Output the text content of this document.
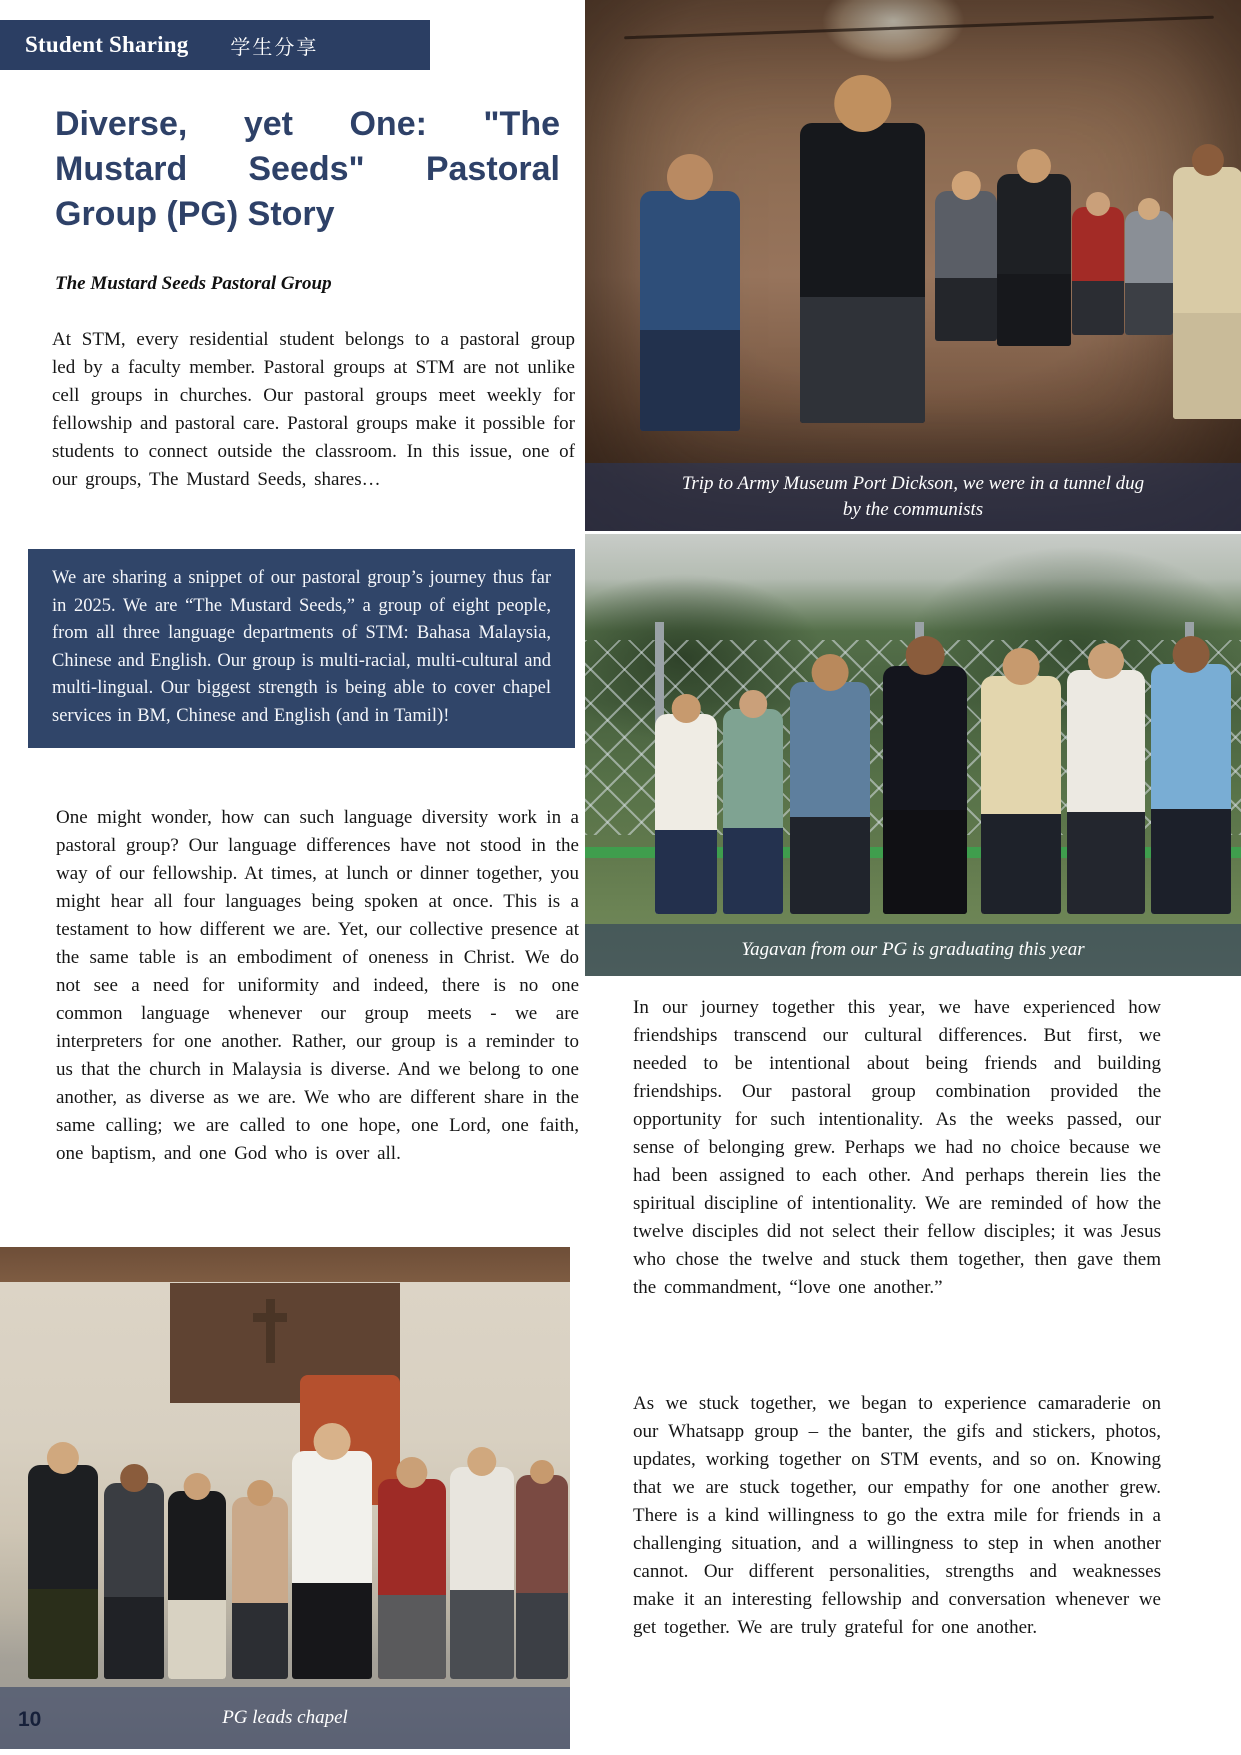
Student Sharing 学生分享
Diverse, yet One: "The Mustard Seeds" Pastoral Group (PG) Story
The Mustard Seeds Pastoral Group
At STM, every residential student belongs to a pastoral group led by a faculty member. Pastoral groups at STM are not unlike cell groups in churches. Our pastoral groups meet weekly for fellowship and pastoral care. Pastoral groups make it possible for students to connect outside the classroom. In this issue, one of our groups, The Mustard Seeds, shares…
We are sharing a snippet of our pastoral group’s journey thus far in 2025. We are “The Mustard Seeds,” a group of eight people, from all three language departments of STM: Bahasa Malaysia, Chinese and English. Our group is multi-racial, multi-cultural and multi-lingual. Our biggest strength is being able to cover chapel services in BM, Chinese and English (and in Tamil)!
One might wonder, how can such language diversity work in a pastoral group? Our language differences have not stood in the way of our fellowship. At times, at lunch or dinner together, you might hear all four languages being spoken at once. This is a testament to how different we are. Yet, our collective presence at the same table is an embodiment of oneness in Christ. We do not see a need for uniformity and indeed, there is no one common language whenever our group meets - we are interpreters for one another. Rather, our group is a reminder to us that the church in Malaysia is diverse. And we belong to one another, as diverse as we are. We who are different share in the same calling; we are called to one hope, one Lord, one faith, one baptism, and one God who is over all.
In our journey together this year, we have experienced how friendships transcend our cultural differences. But first, we needed to be intentional about being friends and building friendships. Our pastoral group combination provided the opportunity for such intentionality. As the weeks passed, our sense of belonging grew. Perhaps we had no choice because we had been assigned to each other. And perhaps therein lies the spiritual discipline of intentionality. We are reminded of how the twelve disciples did not select their fellow disciples; it was Jesus who chose the twelve and stuck them together, then gave them the commandment, “love one another.”
As we stuck together, we began to experience camaraderie on our Whatsapp group – the banter, the gifs and stickers, photos, updates, working together on STM events, and so on. Knowing that we are stuck together, our empathy for one another grew. There is a kind willingness to go the extra mile for friends in a challenging situation, and a willingness to step in when another cannot. Our different personalities, strengths and weaknesses make it an interesting fellowship and conversation whenever we get together. We are truly grateful for one another.
Trip to Army Museum Port Dickson, we were in a tunnel dug by the communists
Yagavan from our PG is graduating this year
PG leads chapel
10
